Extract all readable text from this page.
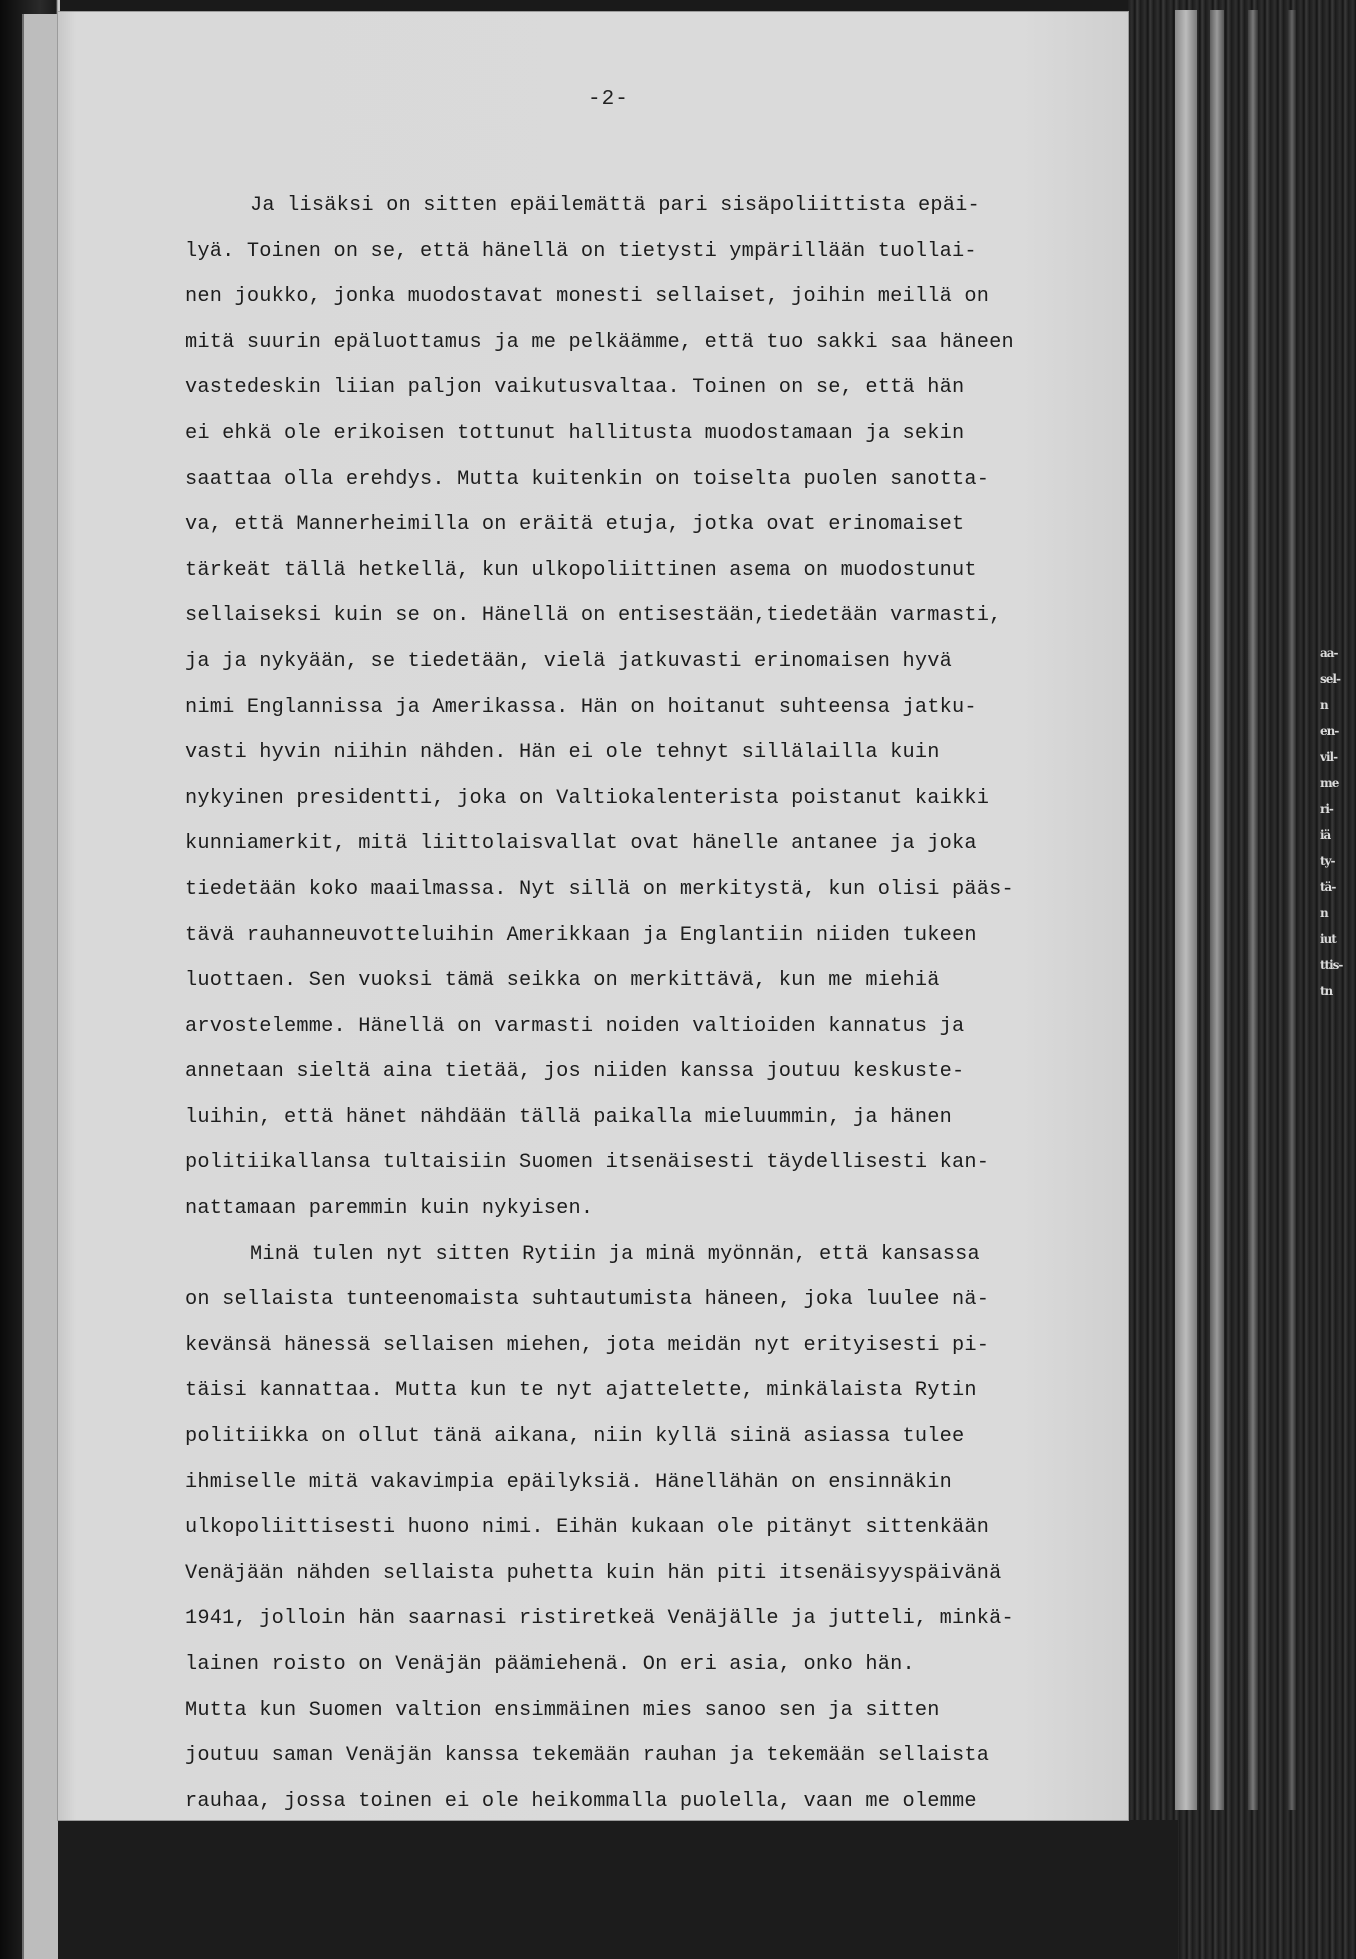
aa-
sel-
n
en-
vil-
me
ri-
iä
ty-
tä-
n
iut
ttis-
tn
-2-
Ja lisäksi on sitten epäilemättä pari sisäpoliittista epäi-
lyä. Toinen on se, että hänellä on tietysti ympärillään tuollai-
nen joukko, jonka muodostavat monesti sellaiset, joihin meillä on
mitä suurin epäluottamus ja me pelkäämme, että tuo sakki saa häneen
vastedeskin liian paljon vaikutusvaltaa. Toinen on se, että hän
ei ehkä ole erikoisen tottunut hallitusta muodostamaan ja sekin
saattaa olla erehdys. Mutta kuitenkin on toiselta puolen sanotta-
va, että Mannerheimilla on eräitä etuja, jotka ovat erinomaiset
tärkeät tällä hetkellä, kun ulkopoliittinen asema on muodostunut
sellaiseksi kuin se on. Hänellä on entisestään,tiedetään varmasti,
ja ja nykyään, se tiedetään, vielä jatkuvasti erinomaisen hyvä
nimi Englannissa ja Amerikassa. Hän on hoitanut suhteensa jatku-
vasti hyvin niihin nähden. Hän ei ole tehnyt sillälailla kuin
nykyinen presidentti, joka on Valtiokalenterista poistanut kaikki
kunniamerkit, mitä liittolaisvallat ovat hänelle antanee ja joka
tiedetään koko maailmassa. Nyt sillä on merkitystä, kun olisi pääs-
tävä rauhanneuvotteluihin Amerikkaan ja Englantiin niiden tukeen
luottaen. Sen vuoksi tämä seikka on merkittävä, kun me miehiä
arvostelemme. Hänellä on varmasti noiden valtioiden kannatus ja
annetaan sieltä aina tietää, jos niiden kanssa joutuu keskuste-
luihin, että hänet nähdään tällä paikalla mieluummin, ja hänen
politiikallansa tultaisiin Suomen itsenäisesti täydellisesti kan-
nattamaan paremmin kuin nykyisen.
Minä tulen nyt sitten Rytiin ja minä myönnän, että kansassa
on sellaista tunteenomaista suhtautumista häneen, joka luulee nä-
kevänsä hänessä sellaisen miehen, jota meidän nyt erityisesti pi-
täisi kannattaa. Mutta kun te nyt ajattelette, minkälaista Rytin
politiikka on ollut tänä aikana, niin kyllä siinä asiassa tulee
ihmiselle mitä vakavimpia epäilyksiä. Hänellähän on ensinnäkin
ulkopoliittisesti huono nimi. Eihän kukaan ole pitänyt sittenkään
Venäjään nähden sellaista puhetta kuin hän piti itsenäisyyspäivänä
1941, jolloin hän saarnasi ristiretkeä Venäjälle ja jutteli, minkä-
lainen roisto on Venäjän päämiehenä. On eri asia, onko hän.
Mutta kun Suomen valtion ensimmäinen mies sanoo sen ja sitten
joutuu saman Venäjän kanssa tekemään rauhan ja tekemään sellaista
rauhaa, jossa toinen ei ole heikommalla puolella, vaan me olemme
